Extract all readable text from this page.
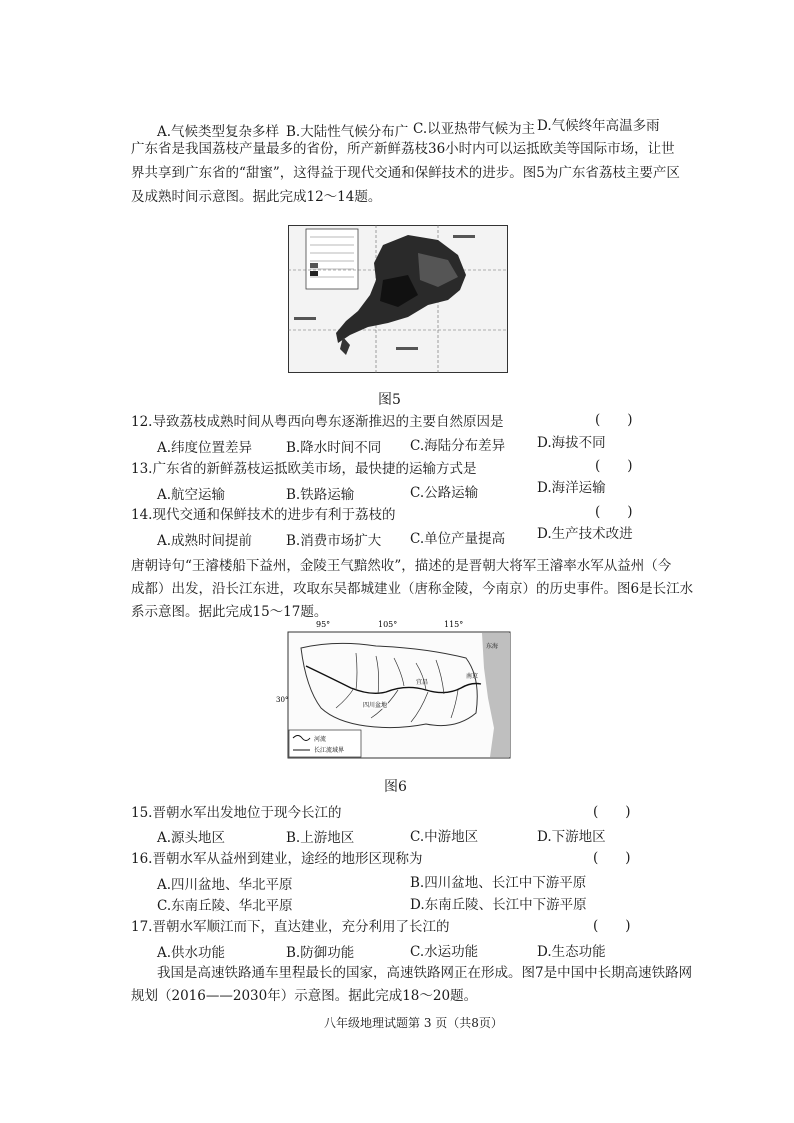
A.气候类型复杂多样 B.大陆性气候分布广 C.以亚热带气候为主 D.气候终年高温多雨
广东省是我国荔枝产量最多的省份，所产新鲜荔枝36小时内可以运抵欧美等国际市场，让世
界共享到广东省的“甜蜜”，这得益于现代交通和保鲜技术的进步。图5为广东省荔枝主要产区
及成熟时间示意图。据此完成12～14题。
图5
12.导致荔枝成熟时间从粤西向粤东逐渐推迟的主要自然原因是	(　　)
A.纬度位置差异	B.降水时间不同 C.海陆分布差异 D.海拔不同
13.广东省的新鲜荔枝运抵欧美市场，最快捷的运输方式是	(　　)
A.航空运输	B.铁路运输	C.公路运输	D.海洋运输
14.现代交通和保鲜技术的进步有利于荔枝的	(　　)
A.成熟时间提前	B.消费市场扩大 C.单位产量提高 D.生产技术改进
唐朝诗句“王濬楼船下益州，金陵王气黯然收”，描述的是晋朝大将军王濬率水军从益州（今
成都）出发，沿长江东进，攻取东吴都城建业（唐称金陵，今南京）的历史事件。图6是长江水
系示意图。据此完成15～17题。
95°	105°	115°
30°
东海
四川盆地
宜昌
南京
河流
长江流域界
图6
15.晋朝水军出发地位于现今长江的	(　　)
A.源头地区	B.上游地区	C.中游地区	D.下游地区
16.晋朝水军从益州到建业，途经的地形区现称为	(　　)
A.四川盆地、华北平原	B.四川盆地、长江中下游平原
C.东南丘陵、华北平原	D.东南丘陵、长江中下游平原
17.晋朝水军顺江而下，直达建业，充分利用了长江的	(　　)
A.供水功能	B.防御功能	C.水运功能	D.生态功能
我国是高速铁路通车里程最长的国家，高速铁路网正在形成。图7是中国中长期高速铁路网
规划（2016——2030年）示意图。据此完成18～20题。
八年级地理试题第 3 页（共8页）
